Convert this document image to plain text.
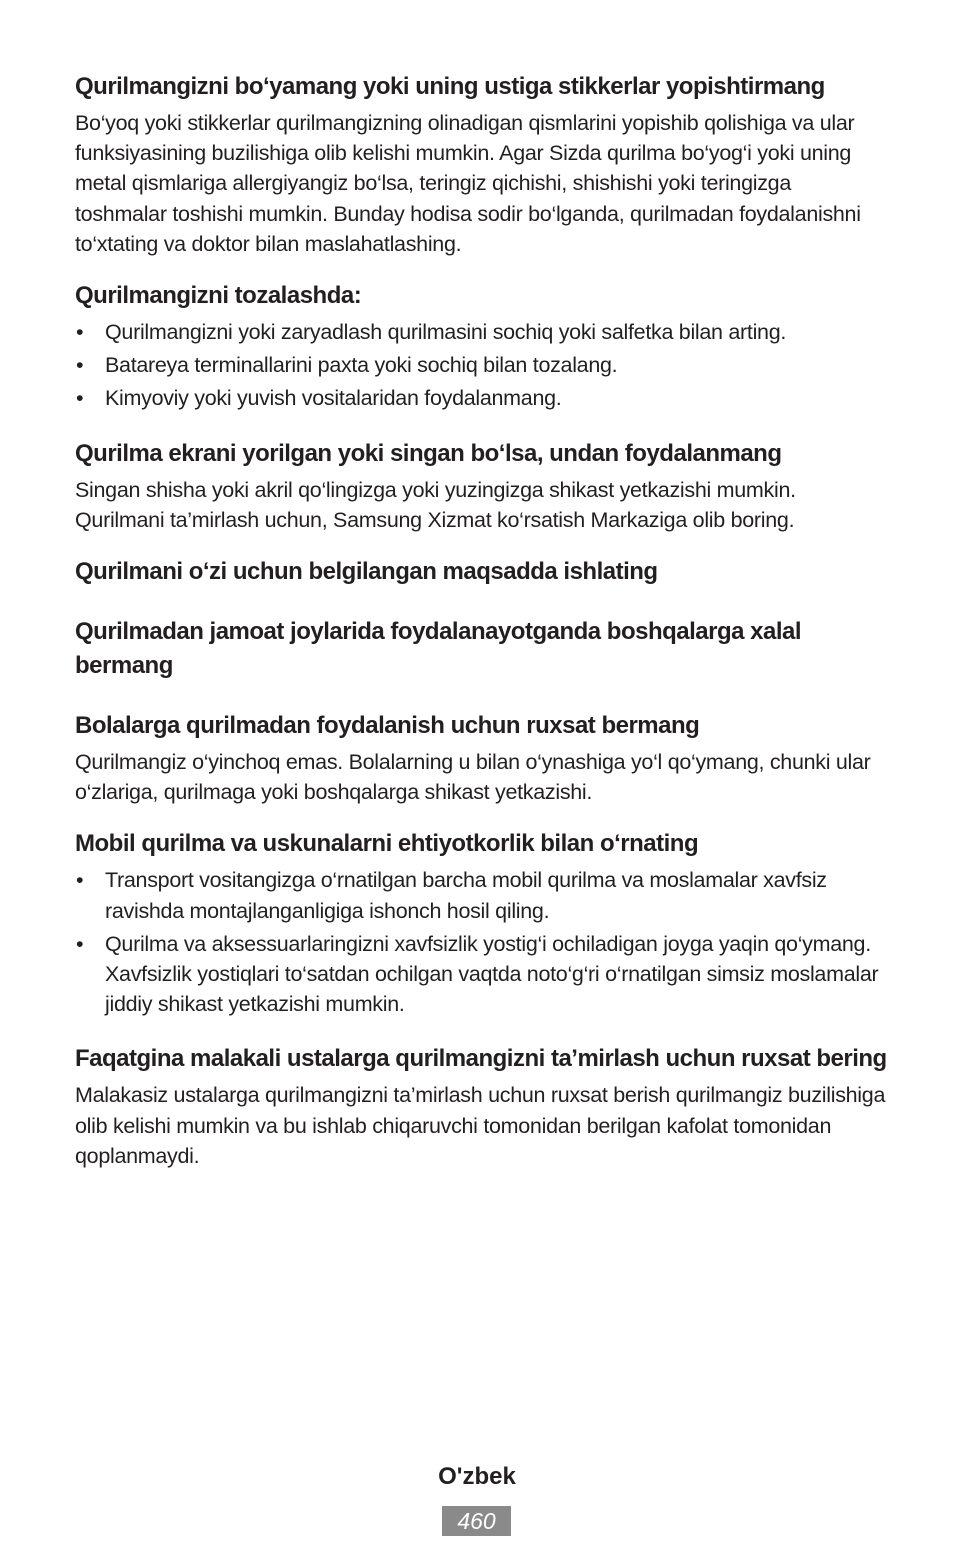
Qurilmangizni bo‘yamang yoki uning ustiga stikkerlar yopishtirmang

Bo‘yoq yoki stikkerlar qurilmangizning olinadigan qismlarini yopishib qolishiga va ular funksiyasining buzilishiga olib kelishi mumkin. Agar Sizda qurilma bo‘yog‘i yoki uning metal qismlariga allergiyangiz bo‘lsa, teringiz qichishi, shishishi yoki teringizga toshmalar toshishi mumkin. Bunday hodisa sodir bo‘lganda, qurilmadan foydalanishni to‘xtating va doktor bilan maslahatlashing.

Qurilmangizni tozalashda:
• Qurilmangizni yoki zaryadlash qurilmasini sochiq yoki salfetka bilan arting.
• Batareya terminallarini paxta yoki sochiq bilan tozalang.
• Kimyoviy yoki yuvish vositalaridan foydalanmang.
Qurilma ekrani yorilgan yoki singan bo‘lsa, undan foydalanmang

Singan shisha yoki akril qo‘lingizga yoki yuzingizga shikast yetkazishi mumkin. Qurilmani ta’mirlash uchun, Samsung Xizmat ko‘rsatish Markaziga olib boring.

Qurilmani o‘zi uchun belgilangan maqsadda ishlating
Qurilmadan jamoat joylarida foydalanayotganda boshqalarga xalal bermang
Bolalarga qurilmadan foydalanish uchun ruxsat bermang

Qurilmangiz o‘yinchoq emas. Bolalarning u bilan o‘ynashiga yo‘l qo‘ymang, chunki ular o‘zlariga, qurilmaga yoki boshqalarga shikast yetkazishi.

Mobil qurilma va uskunalarni ehtiyotkorlik bilan o‘rnating
• Transport vositangizga o‘rnatilgan barcha mobil qurilma va moslamalar xavfsiz ravishda montajlanganligiga ishonch hosil qiling.
• Qurilma va aksessuarlaringizni xavfsizlik yostig‘i ochiladigan joyga yaqin qo‘ymang. Xavfsizlik yostiqlari to‘satdan ochilgan vaqtda noto‘g‘ri o‘rnatilgan simsiz moslamalar jiddiy shikast yetkazishi mumkin.
Faqatgina malakali ustalarga qurilmangizni ta’mirlash uchun ruxsat bering

Malakasiz ustalarga qurilmangizni ta’mirlash uchun ruxsat berish qurilmangiz buzilishiga olib kelishi mumkin va bu ishlab chiqaruvchi tomonidan berilgan kafolat tomonidan qoplanmaydi.

O'zbek
460
